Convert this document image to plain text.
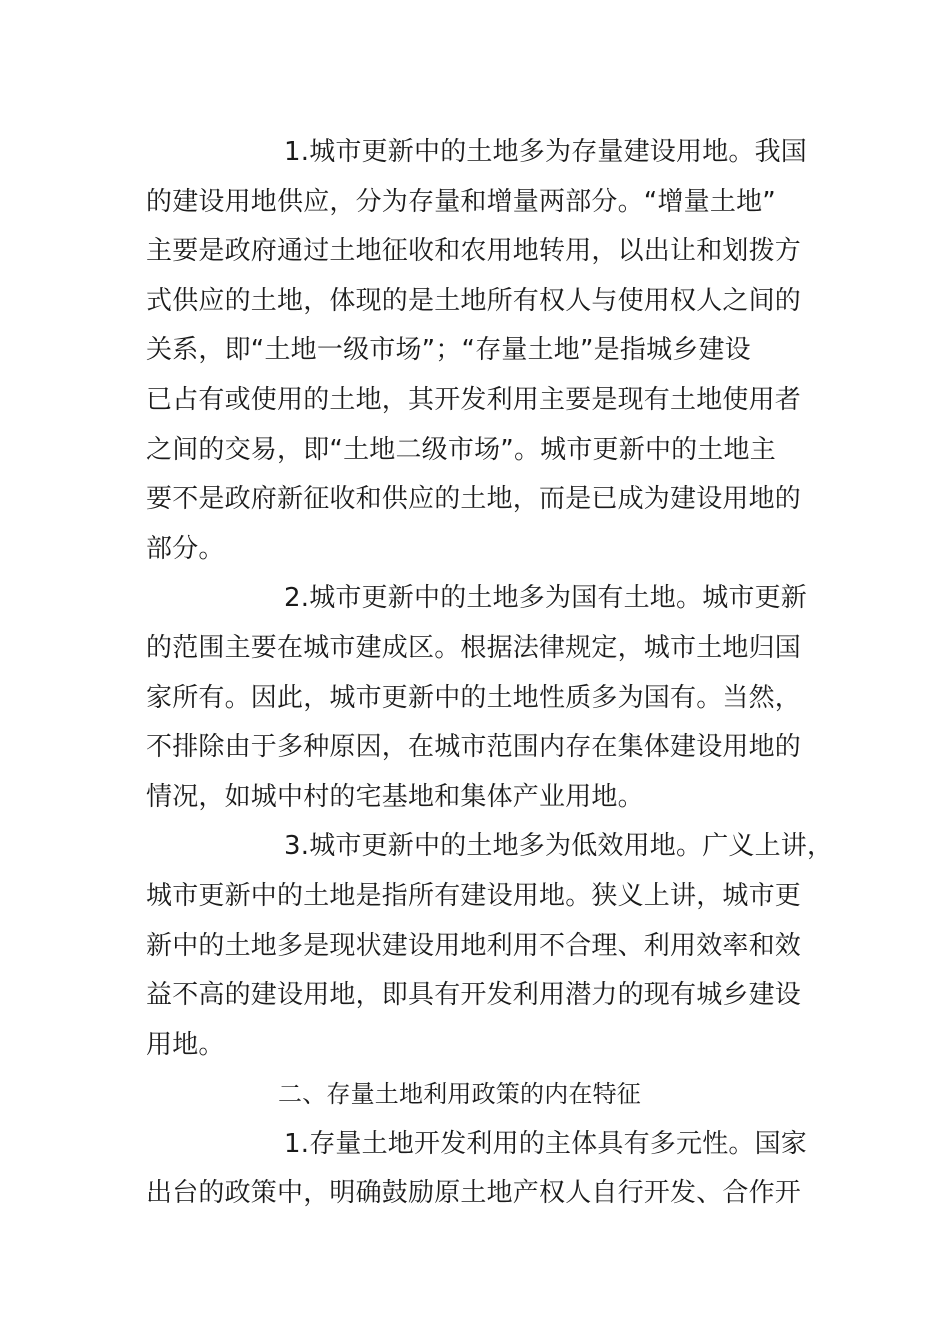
1.城市更新中的土地多为存量建设用地。我国
的建设用地供应，分为存量和增量两部分。“增量土地”
主要是政府通过土地征收和农用地转用，以出让和划拨方
式供应的土地，体现的是土地所有权人与使用权人之间的
关系，即“土地一级市场”；“存量土地”是指城乡建设
已占有或使用的土地，其开发利用主要是现有土地使用者
之间的交易，即“土地二级市场”。城市更新中的土地主
要不是政府新征收和供应的土地，而是已成为建设用地的
部分。
2.城市更新中的土地多为国有土地。城市更新
的范围主要在城市建成区。根据法律规定，城市土地归国
家所有。因此，城市更新中的土地性质多为国有。当然，
不排除由于多种原因，在城市范围内存在集体建设用地的
情况，如城中村的宅基地和集体产业用地。
3.城市更新中的土地多为低效用地。广义上讲，
城市更新中的土地是指所有建设用地。狭义上讲，城市更
新中的土地多是现状建设用地利用不合理、利用效率和效
益不高的建设用地，即具有开发利用潜力的现有城乡建设
用地。
二、存量土地利用政策的内在特征
1.存量土地开发利用的主体具有多元性。国家
出台的政策中，明确鼓励原土地产权人自行开发、合作开
